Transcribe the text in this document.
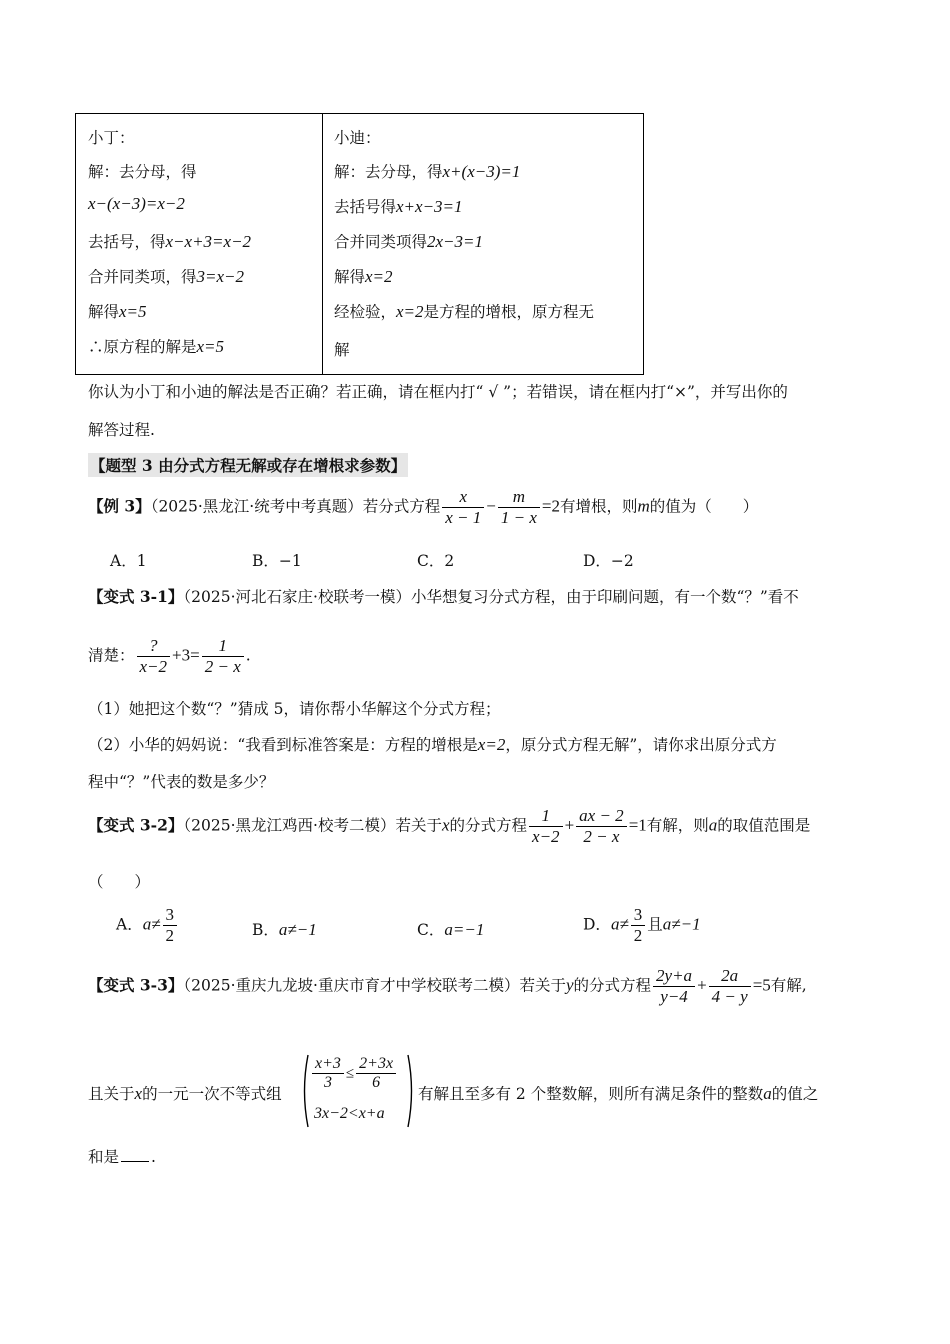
小丁：
解：去分母，得
x−(x−3)=x−2
去括号，得x−x+3=x−2
合并同类项，得3=x−2
解得x=5
∴原方程的解是x=5
小迪：
解：去分母，得x+(x−3)=1
去括号得x+x−3=1
合并同类项得2x−3=1
解得x=2
经检验，x=2是方程的增根，原方程无
解
你认为小丁和小迪的解法是否正确？若正确，请在框内打“ √ ”；若错误，请在框内打“×”，并写出你的
解答过程.
【题型 3 由分式方程无解或存在增根求参数】
【例 3】（2025·黑龙江·统考中考真题）若分式方程 $\frac{x}{x - 1} - \frac{m}{1 - x} =2$有增根，则m的值为（　　）
A．1	B．−1	C．2	D．−2
【变式 3-1】（2025·河北石家庄·校联考一模）小华想复习分式方程，由于印刷问题，有一个数“？”看不
清楚： $\frac{?}{x-2} +3= \frac{1}{2 - x}$ .
（1）她把这个数“？”猜成 5，请你帮小华解这个分式方程；
（2）小华的妈妈说：“我看到标准答案是：方程的增根是x=2，原分式方程无解”，请你求出原分式方
程中“？”代表的数是多少？
【变式 3-2】（2025·黑龙江鸡西·校考二模）若关于x的分式方程 $\frac{1}{x-2} + \frac{ax - 2}{2 - x} =1$有解，则a的取值范围是
（　　）
A．$a\ne \frac{3}{2}$	B．a≠−1	C．a=−1	D．$a\ne \frac{3}{2}$ 且a≠−1
【变式 3-3】（2025·重庆九龙坡·重庆市育才中学校联考二模）若关于y的分式方程 $\frac{2y+a}{y-4} + \frac{2a}{4 - y} =5$有解,
且关于x的一元一次不等式组
$\frac{x+3}{3} \le \frac{2+3x}{6}$
3x−2<x+a
有解且至多有 2 个整数解，则所有满足条件的整数a的值之
和是 .
